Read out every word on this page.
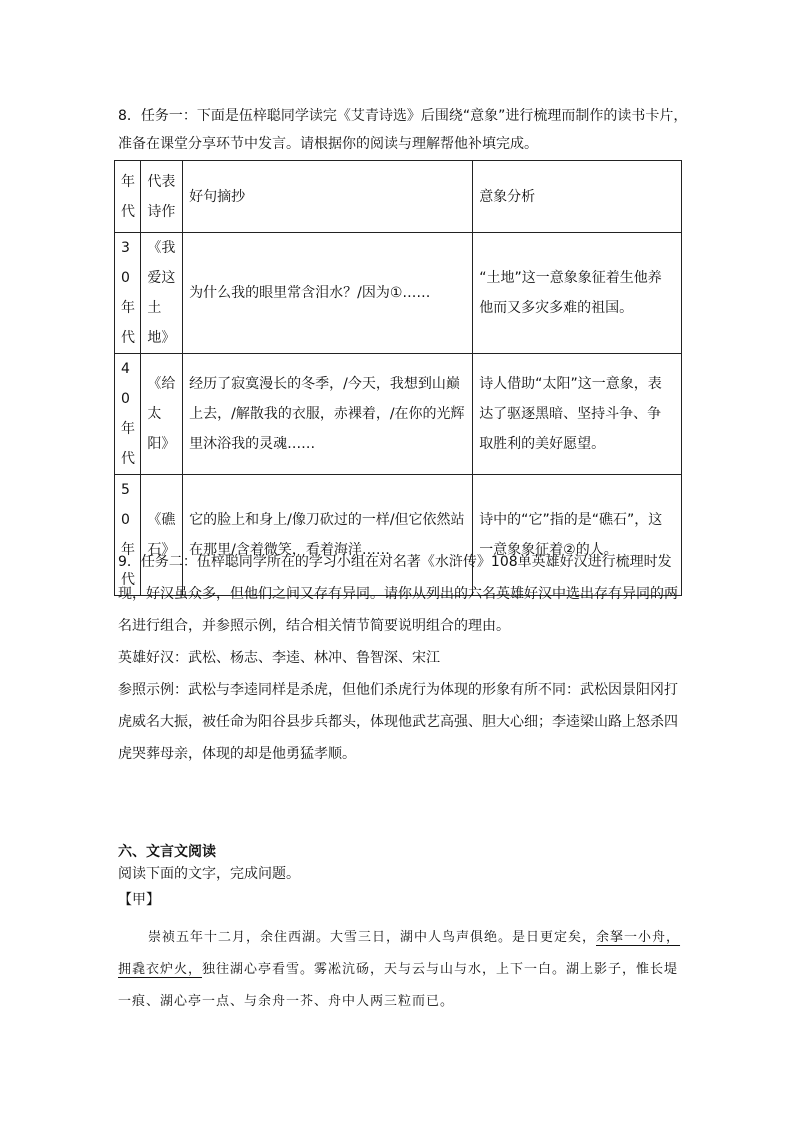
8．任务一：下面是伍梓聪同学读完《艾青诗选》后围绕“意象”进行梳理而制作的读书卡片，
准备在课堂分享环节中发言。请根据你的阅读与理解帮他补填完成。
年代	代表诗作	好句摘抄	意象分析
30年代	《我爱这土地》	为什么我的眼里常含泪水？/因为①……	“土地”这一意象象征着生他养他而又多灾多难的祖国。
40年代	《给太阳》	经历了寂寞漫长的冬季，/今天，我想到山巅上去，/解散我的衣服，赤裸着，/在你的光辉里沐浴我的灵魂……	诗人借助“太阳”这一意象，表达了驱逐黑暗、坚持斗争、争取胜利的美好愿望。
50年代	《礁石》	它的脸上和身上/像刀砍过的一样/但它依然站在那里/含着微笑，看着海洋……	诗中的“它”指的是“礁石”，这一意象象征着②的人。
9．任务二：伍梓聪同学所在的学习小组在对名著《水浒传》108单英雄好汉进行梳理时发
现，好汉虽众多，但他们之间又存有异同。请你从列出的六名英雄好汉中选出存有异同的两
名进行组合，并参照示例，结合相关情节简要说明组合的理由。
英雄好汉：武松、杨志、李逵、林冲、鲁智深、宋江
参照示例：武松与李逵同样是杀虎，但他们杀虎行为体现的形象有所不同：武松因景阳冈打
虎威名大振，被任命为阳谷县步兵都头，体现他武艺高强、胆大心细；李逵梁山路上怒杀四
虎哭葬母亲，体现的却是他勇猛孝顺。
六、文言文阅读
阅读下面的文字，完成问题。
【甲】
崇祯五年十二月，余住西湖。大雪三日，湖中人鸟声俱绝。是日更定矣，余拏一小舟，
拥毳衣炉火，独往湖心亭看雪。雾凇沆砀，天与云与山与水，上下一白。湖上影子，惟长堤
一痕、湖心亭一点、与余舟一芥、舟中人两三粒而已。
